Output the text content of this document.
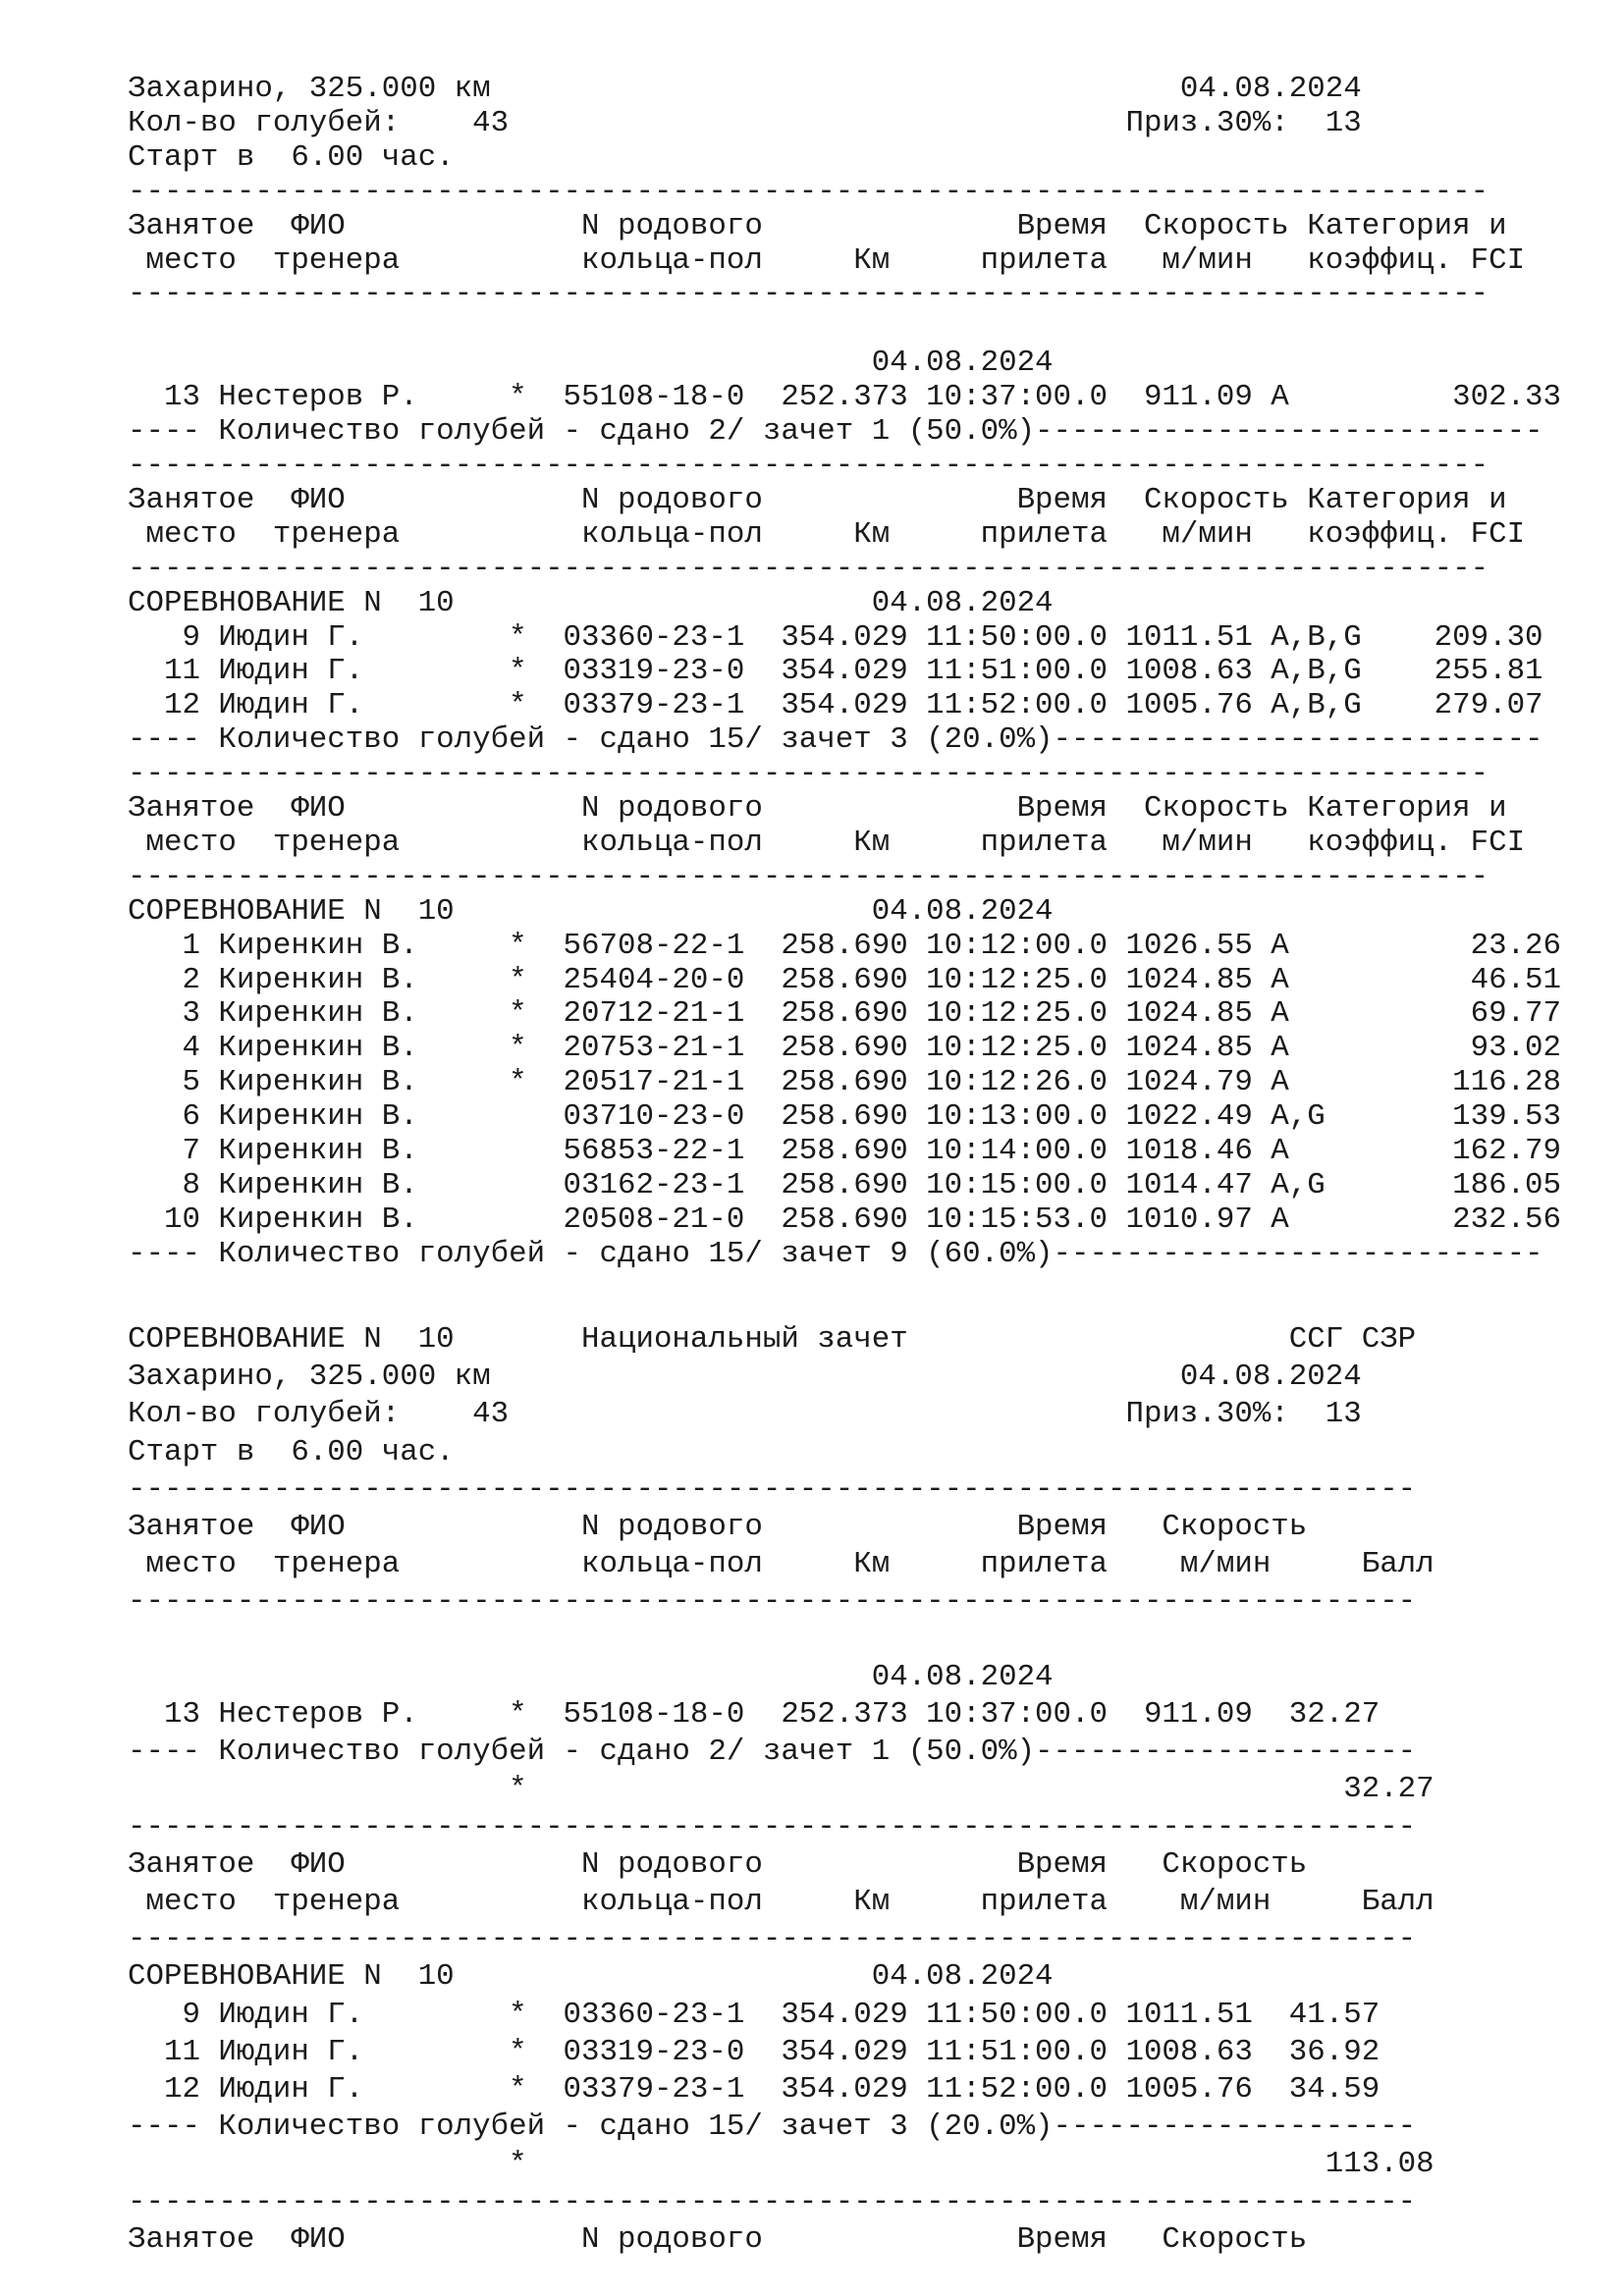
Захарино, 325.000 км                                      04.08.2024
Кол-во голубей:    43                                  Приз.30%:  13
Старт в  6.00 час.
---------------------------------------------------------------------------
Занятое  ФИО             N родового              Время  Скорость Категория и
место  тренера          кольца-пол     Км     прилета   м/мин   коэффиц. FCI
---------------------------------------------------------------------------
04.08.2024
13 Нестеров Р.     *  55108-18-0  252.373 10:37:00.0  911.09 A         302.33
---- Количество голубей - сдано 2/ зачет 1 (50.0%)----------------------------
---------------------------------------------------------------------------
Занятое  ФИО             N родового              Время  Скорость Категория и
место  тренера          кольца-пол     Км     прилета   м/мин   коэффиц. FCI
---------------------------------------------------------------------------
СОРЕВНОВАНИЕ N  10                       04.08.2024
9 Июдин Г.        *  03360-23-1  354.029 11:50:00.0 1011.51 A,B,G    209.30
11 Июдин Г.        *  03319-23-0  354.029 11:51:00.0 1008.63 A,B,G    255.81
12 Июдин Г.        *  03379-23-1  354.029 11:52:00.0 1005.76 A,B,G    279.07
---- Количество голубей - сдано 15/ зачет 3 (20.0%)---------------------------
---------------------------------------------------------------------------
Занятое  ФИО             N родового              Время  Скорость Категория и
место  тренера          кольца-пол     Км     прилета   м/мин   коэффиц. FCI
---------------------------------------------------------------------------
СОРЕВНОВАНИЕ N  10                       04.08.2024
1 Киренкин В.     *  56708-22-1  258.690 10:12:00.0 1026.55 A          23.26
2 Киренкин В.     *  25404-20-0  258.690 10:12:25.0 1024.85 A          46.51
3 Киренкин В.     *  20712-21-1  258.690 10:12:25.0 1024.85 A          69.77
4 Киренкин В.     *  20753-21-1  258.690 10:12:25.0 1024.85 A          93.02
5 Киренкин В.     *  20517-21-1  258.690 10:12:26.0 1024.79 A         116.28
6 Киренкин В.        03710-23-0  258.690 10:13:00.0 1022.49 A,G       139.53
7 Киренкин В.        56853-22-1  258.690 10:14:00.0 1018.46 A         162.79
8 Киренкин В.        03162-23-1  258.690 10:15:00.0 1014.47 A,G       186.05
10 Киренкин В.        20508-21-0  258.690 10:15:53.0 1010.97 A         232.56
---- Количество голубей - сдано 15/ зачет 9 (60.0%)---------------------------
СОРЕВНОВАНИЕ N  10       Национальный зачет                     ССГ СЗР
Захарино, 325.000 км                                      04.08.2024
Кол-во голубей:    43                                  Приз.30%:  13
Старт в  6.00 час.
-----------------------------------------------------------------------
Занятое  ФИО             N родового              Время   Скорость
место  тренера          кольца-пол     Км     прилета    м/мин     Балл
-----------------------------------------------------------------------
04.08.2024
13 Нестеров Р.     *  55108-18-0  252.373 10:37:00.0  911.09  32.27
---- Количество голубей - сдано 2/ зачет 1 (50.0%)---------------------
*                                             32.27
-----------------------------------------------------------------------
Занятое  ФИО             N родового              Время   Скорость
место  тренера          кольца-пол     Км     прилета    м/мин     Балл
-----------------------------------------------------------------------
СОРЕВНОВАНИЕ N  10                       04.08.2024
9 Июдин Г.        *  03360-23-1  354.029 11:50:00.0 1011.51  41.57
11 Июдин Г.        *  03319-23-0  354.029 11:51:00.0 1008.63  36.92
12 Июдин Г.        *  03379-23-1  354.029 11:52:00.0 1005.76  34.59
---- Количество голубей - сдано 15/ зачет 3 (20.0%)--------------------
*                                            113.08
-----------------------------------------------------------------------
Занятое  ФИО             N родового              Время   Скорость
